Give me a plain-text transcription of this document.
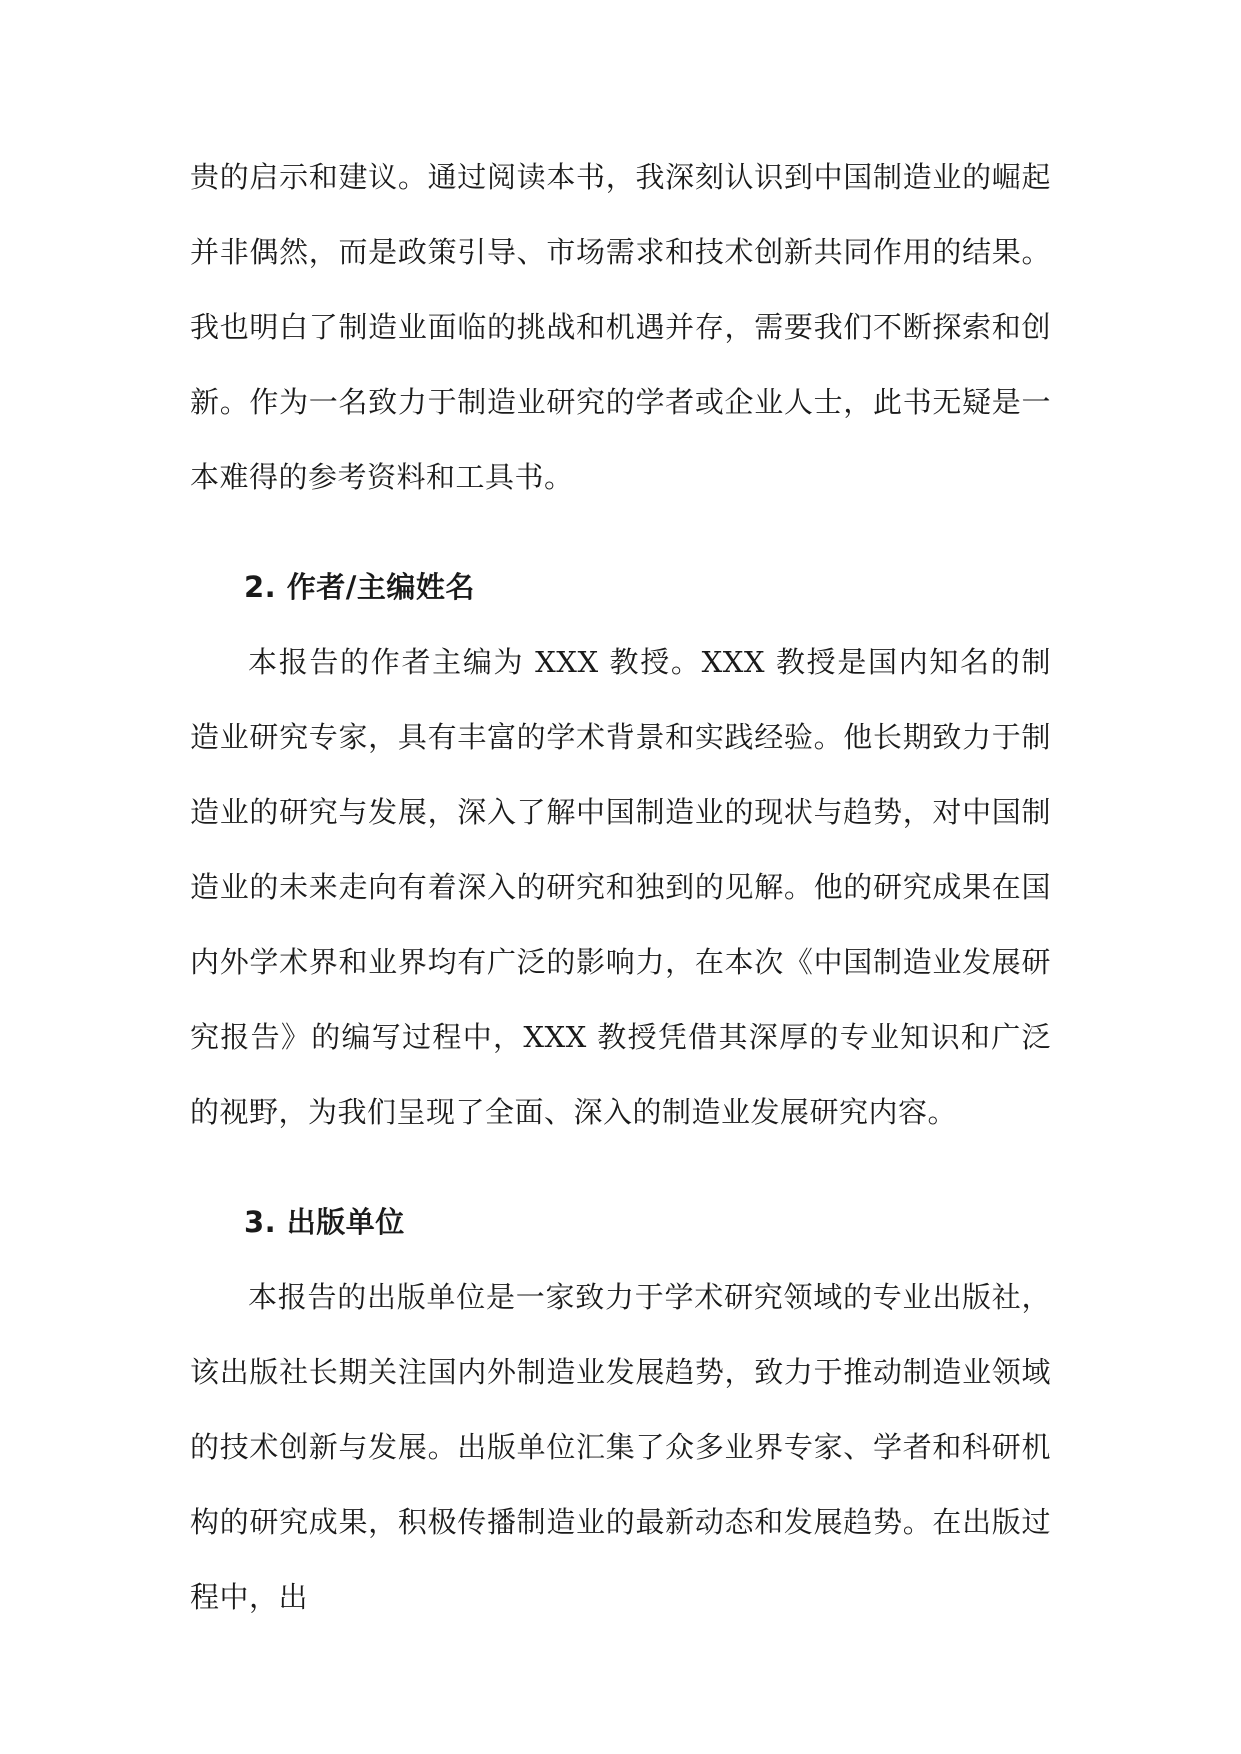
贵的启示和建议。通过阅读本书，我深刻认识到中国制造业的崛起并非偶然，而是政策引导、市场需求和技术创新共同作用的结果。我也明白了制造业面临的挑战和机遇并存，需要我们不断探索和创新。作为一名致力于制造业研究的学者或企业人士，此书无疑是一本难得的参考资料和工具书。

2. 作者/主编姓名

本报告的作者主编为 XXX 教授。XXX 教授是国内知名的制造业研究专家，具有丰富的学术背景和实践经验。他长期致力于制造业的研究与发展，深入了解中国制造业的现状与趋势，对中国制造业的未来走向有着深入的研究和独到的见解。他的研究成果在国内外学术界和业界均有广泛的影响力，在本次《中国制造业发展研究报告》的编写过程中，XXX 教授凭借其深厚的专业知识和广泛的视野，为我们呈现了全面、深入的制造业发展研究内容。

3. 出版单位

本报告的出版单位是一家致力于学术研究领域的专业出版社，该出版社长期关注国内外制造业发展趋势，致力于推动制造业领域的技术创新与发展。出版单位汇集了众多业界专家、学者和科研机构的研究成果，积极传播制造业的最新动态和发展趋势。在出版过程中，出
